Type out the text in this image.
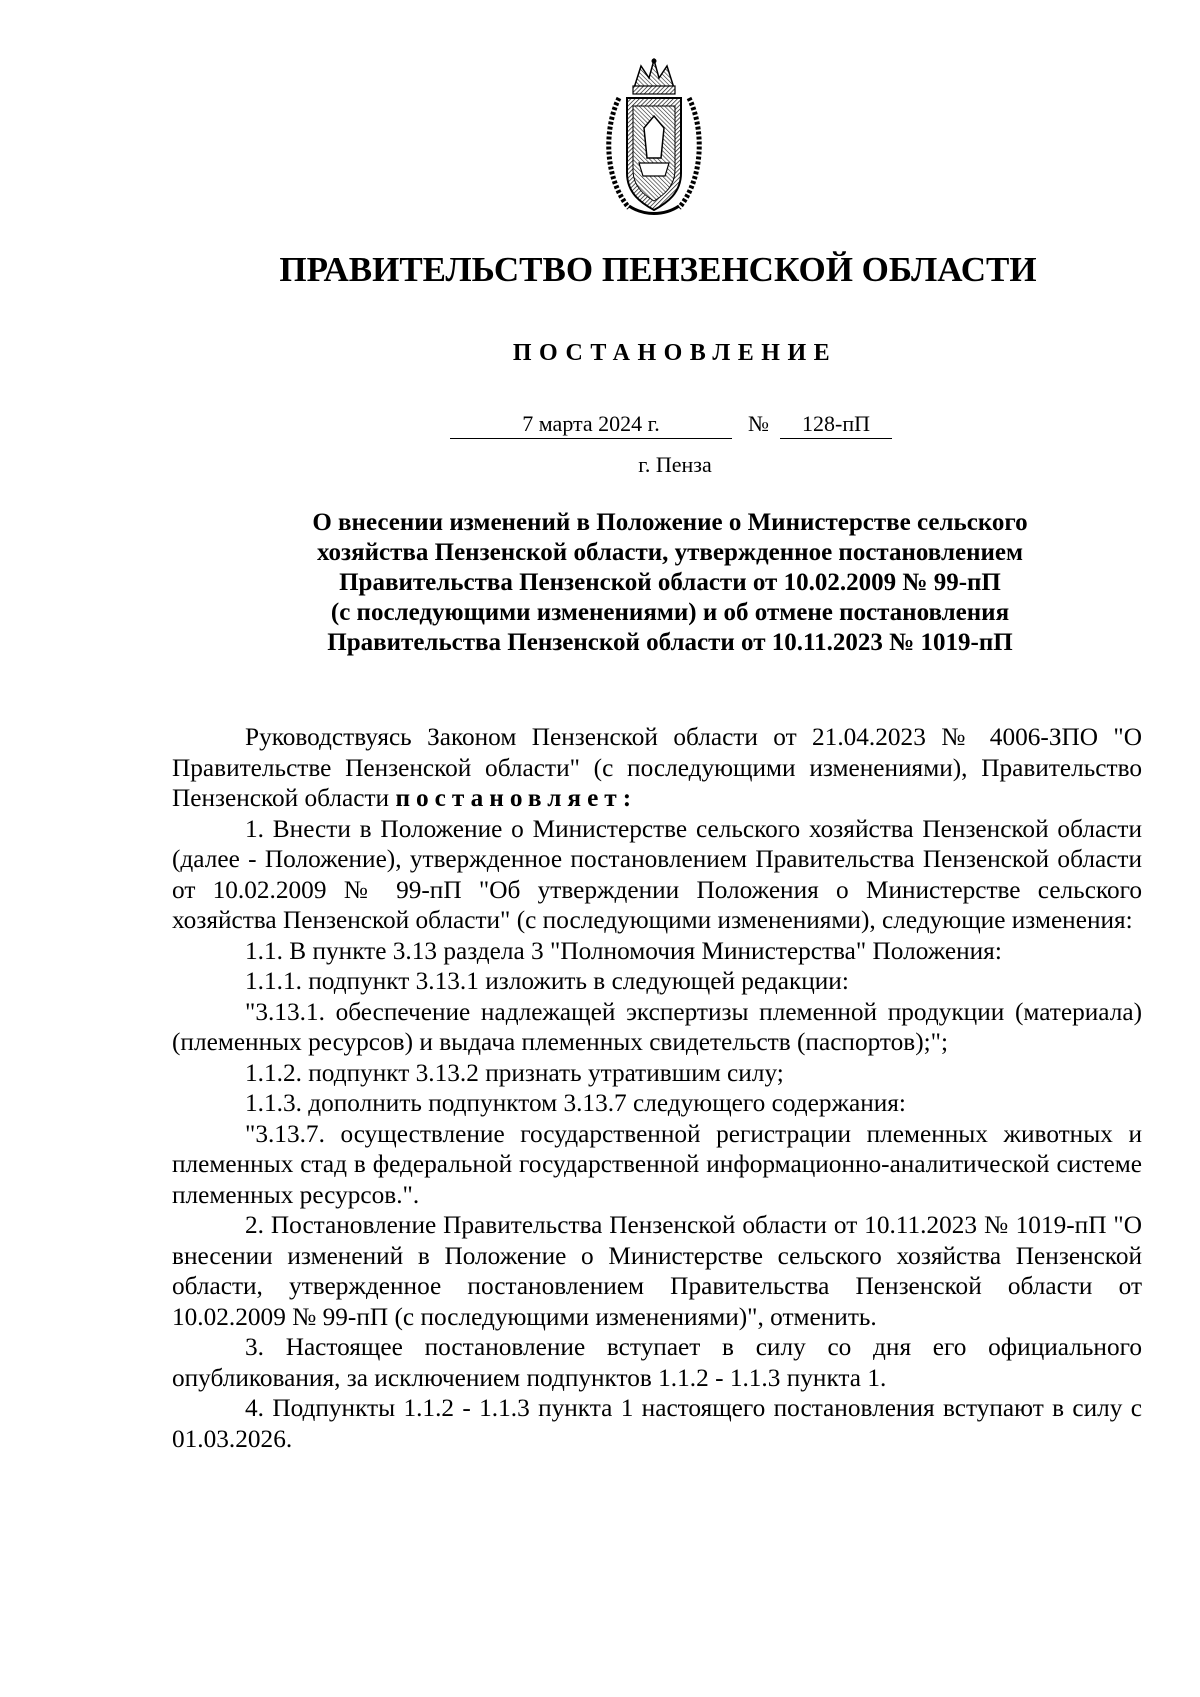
ПРАВИТЕЛЬСТВО ПЕНЗЕНСКОЙ ОБЛАСТИ
ПОСТАНОВЛЕНИЕ
7 марта 2024 г.	№	128-пП
г. Пенза
О внесении изменений в Положение о Министерстве сельского
хозяйства Пензенской области, утвержденное постановлением
Правительства Пензенской области от 10.02.2009 № 99-пП
(с последующими изменениями) и об отмене постановления
Правительства Пензенской области от 10.11.2023 № 1019-пП

Руководствуясь Законом Пензенской области от 21.04.2023 № 4006-ЗПО "О Правительстве Пензенской области" (с последующими изменениями), Правительство Пензенской области постановляет:

1. Внести в Положение о Министерстве сельского хозяйства Пензенской области (далее - Положение), утвержденное постановлением Правительства Пензенской области от 10.02.2009 № 99-пП "Об утверждении Положения о Министерстве сельского хозяйства Пензенской области" (с последующими изменениями), следующие изменения:

1.1. В пункте 3.13 раздела 3 "Полномочия Министерства" Положения:

1.1.1. подпункт 3.13.1 изложить в следующей редакции:

"3.13.1. обеспечение надлежащей экспертизы племенной продукции (материала) (племенных ресурсов) и выдача племенных свидетельств (паспортов);";

1.1.2. подпункт 3.13.2 признать утратившим силу;

1.1.3. дополнить подпунктом 3.13.7 следующего содержания:

"3.13.7. осуществление государственной регистрации племенных животных и племенных стад в федеральной государственной информационно-аналитической системе племенных ресурсов.".

2. Постановление Правительства Пензенской области от 10.11.2023 № 1019-пП "О внесении изменений в Положение о Министерстве сельского хозяйства Пензенской области, утвержденное постановлением Правительства Пензенской области от 10.02.2009 № 99-пП (с последующими изменениями)", отменить.

3. Настоящее постановление вступает в силу со дня его официального опубликования, за исключением подпунктов 1.1.2 - 1.1.3 пункта 1.

4. Подпункты 1.1.2 - 1.1.3 пункта 1 настоящего постановления вступают в силу с 01.03.2026.
